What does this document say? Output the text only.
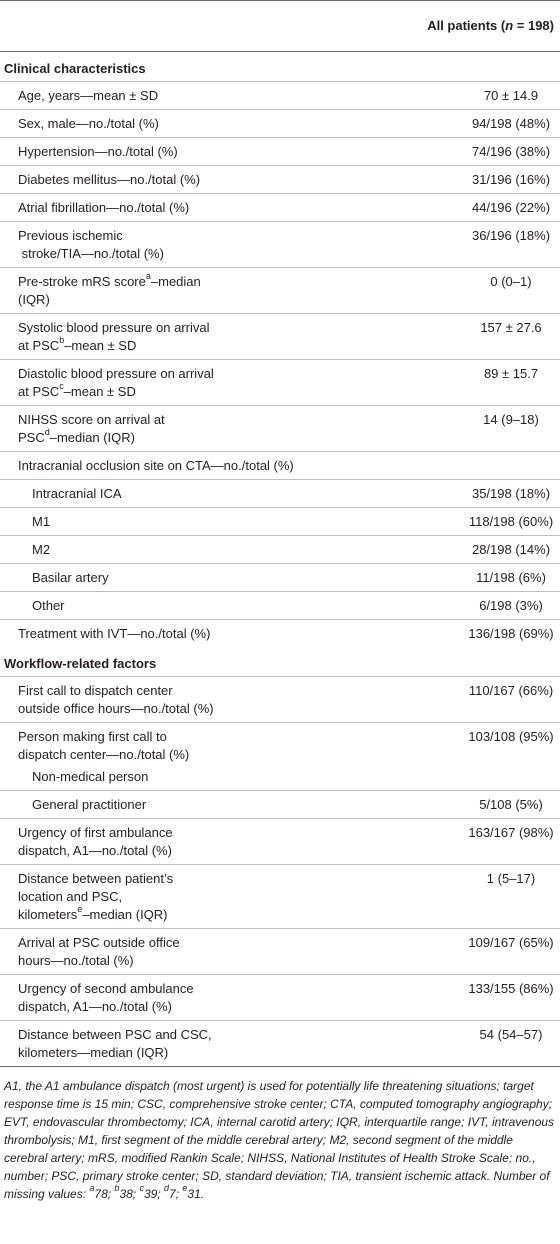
	All patients (n = 198)
Clinical characteristics	
Age, years—mean ± SD	70 ± 14.9
Sex, male—no./total (%)	94/198 (48%)
Hypertension—no./total (%)	74/196 (38%)
Diabetes mellitus—no./total (%)	31/196 (16%)
Atrial fibrillation—no./total (%)	44/196 (22%)
Previous ischemic
stroke/TIA—no./total (%)	36/196 (18%)
Pre-stroke mRS score$^a$–median
(IQR)	0 (0–1)
Systolic blood pressure on arrival
at $PSC^b$–mean ± SD	157 ± 27.6
Diastolic blood pressure on arrival
at $PSC^c$–mean ± SD	89 ± 15.7
NIHSS score on arrival at
PSC$^d$–median (IQR)	14 (9–18)
Intracranial occlusion site on CTA—no./total (%)	
Intracranial ICA	35/198 (18%)
M1	118/198 (60%)
M2	28/198 (14%)
Basilar artery	11/198 (6%)
Other	6/198 (3%)
Treatment with IVT—no./total (%)	136/198 (69%)
Workflow-related factors	
First call to dispatch center
outside office hours—no./total (%)	110/167 (66%)
Person making first call to
dispatch center—no./total (%)	103/108 (95%)
Non-medical person	
General practitioner	5/108 (5%)
Urgency of first ambulance
dispatch, A1—no./total (%)	163/167 (98%)
Distance between patient’s
location and PSC,
kilometers$^e$–median (IQR)	1 (5–17)
Arrival at PSC outside office
hours—no./total (%)	109/167 (65%)
Urgency of second ambulance
dispatch, A1—no./total (%)	133/155 (86%)
Distance between PSC and CSC,
kilometers—median (IQR)	54 (54–57)
A1, the A1 ambulance dispatch (most urgent) is used for potentially life threatening situations; target response time is 15 min; CSC, comprehensive stroke center; CTA, computed tomography angiography; EVT, endovascular thrombectomy; ICA, internal carotid artery; IQR, interquartile range; IVT, intravenous thrombolysis; M1, first segment of the middle cerebral artery; M2, second segment of the middle cerebral artery; mRS, modified Rankin Scale; NIHSS, National Institutes of Health Stroke Scale; no., number; PSC, primary stroke center; SD, standard deviation; TIA, transient ischemic attack. Number of missing values: $^a$78; $^b$38; $^c$39; $^d$7; $^e$31.
